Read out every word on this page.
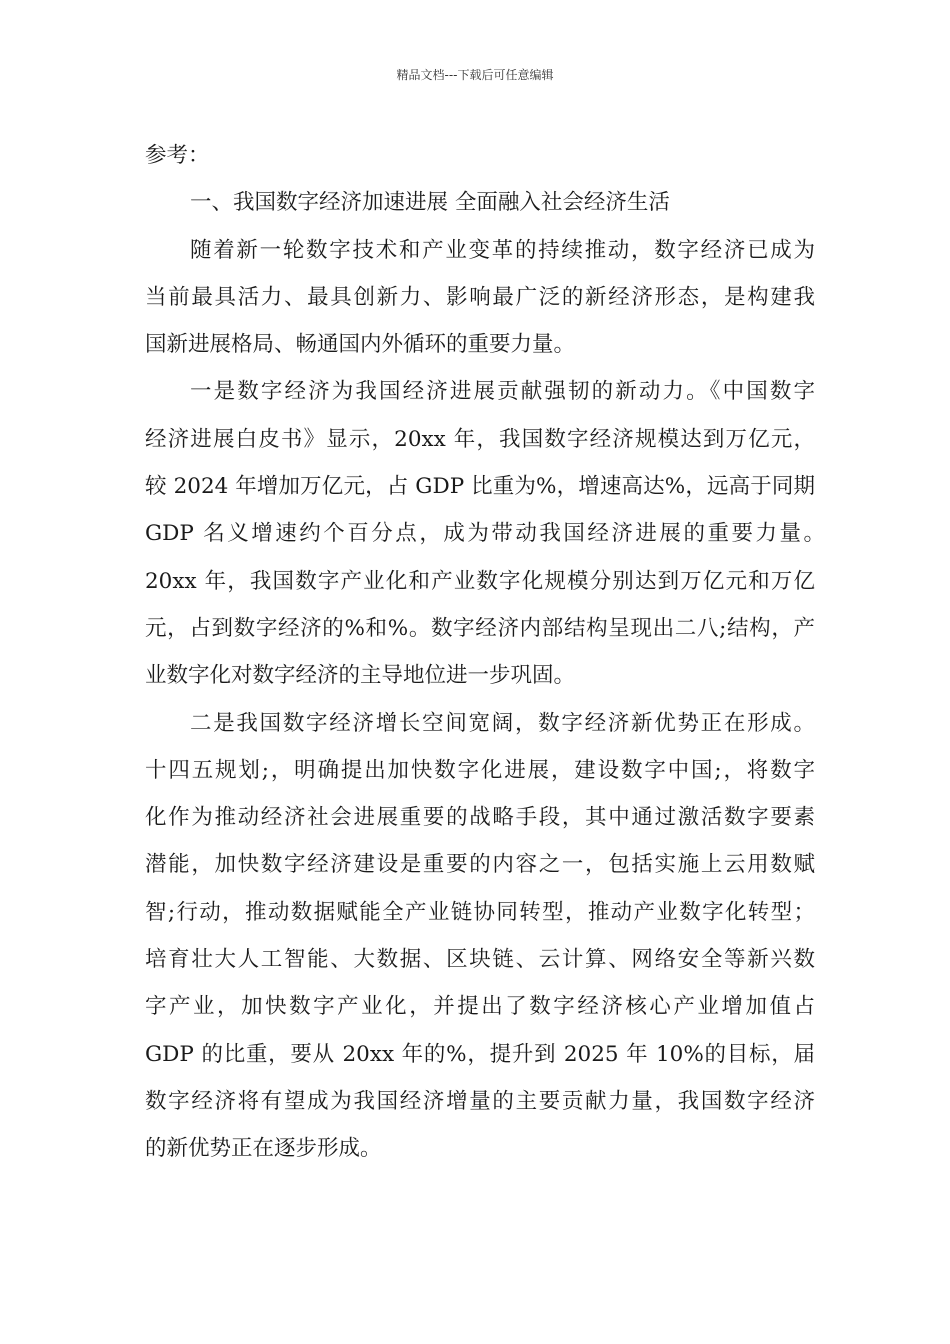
精品文档---下载后可任意编辑

参考：

一、我国数字经济加速进展 全面融入社会经济生活

随着新一轮数字技术和产业变革的持续推动，数字经济已成为

当前最具活力、最具创新力、影响最广泛的新经济形态，是构建我

国新进展格局、畅通国内外循环的重要力量。

一是数字经济为我国经济进展贡献强韧的新动力。《中国数字

经济进展白皮书》显示，20xx 年，我国数字经济规模达到万亿元，

较 2024 年增加万亿元，占 GDP 比重为%，增速高达%，远高于同期

GDP 名义增速约个百分点，成为带动我国经济进展的重要力量。

20xx 年，我国数字产业化和产业数字化规模分别达到万亿元和万亿

元，占到数字经济的%和%。数字经济内部结构呈现出二八;结构，产

业数字化对数字经济的主导地位进一步巩固。

二是我国数字经济增长空间宽阔，数字经济新优势正在形成。

十四五规划;，明确提出加快数字化进展，建设数字中国;，将数字

化作为推动经济社会进展重要的战略手段，其中通过激活数字要素

潜能，加快数字经济建设是重要的内容之一，包括实施上云用数赋

智;行动，推动数据赋能全产业链协同转型，推动产业数字化转型；

培育壮大人工智能、大数据、区块链、云计算、网络安全等新兴数

字产业，加快数字产业化，并提出了数字经济核心产业增加值占

GDP 的比重，要从 20xx 年的%，提升到 2025 年 10%的目标，届

数字经济将有望成为我国经济增量的主要贡献力量，我国数字经济

的新优势正在逐步形成。
